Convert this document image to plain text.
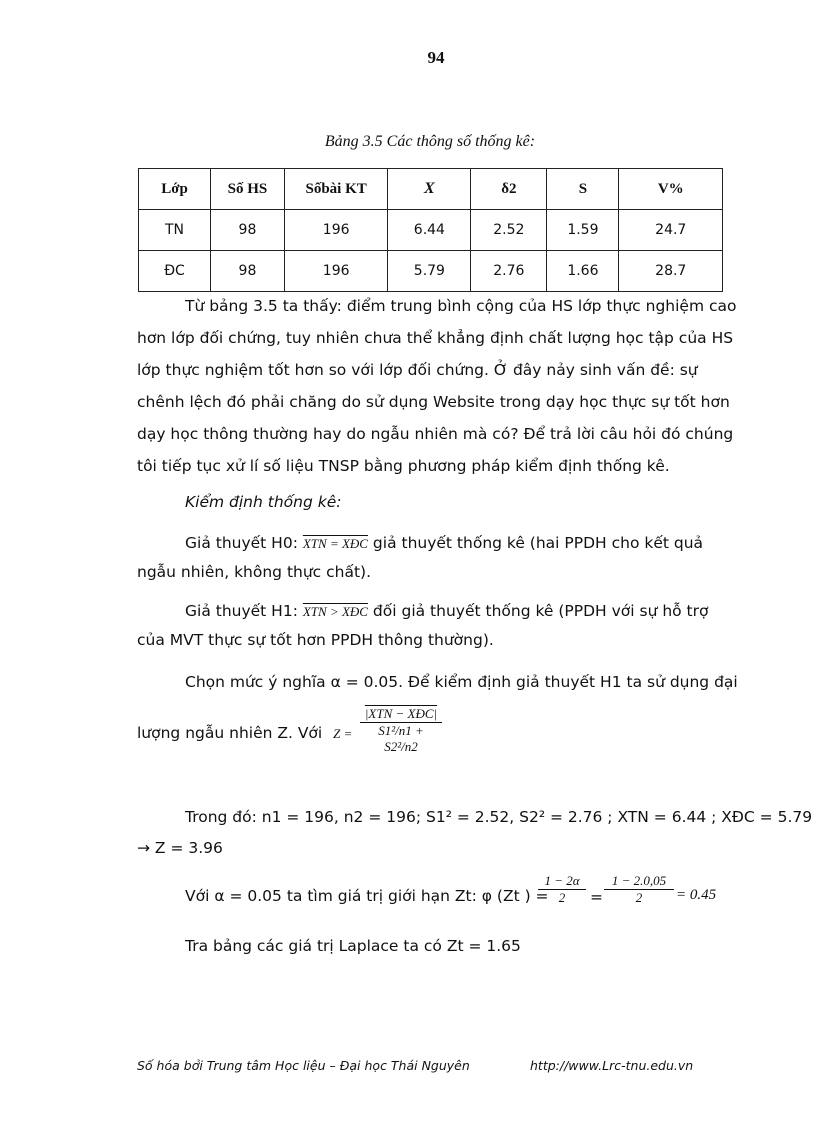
94
Bảng 3.5 Các thông số thống kê:
Lớp	Số HS	Sốbài KT	X	δ2	S	V%
TN	98	196	6.44	2.52	1.59	24.7
ĐC	98	196	5.79	2.76	1.66	28.7
Từ bảng 3.5 ta thấy: điểm trung bình cộng của HS lớp thực nghiệm cao
hơn lớp đối chứng, tuy nhiên chưa thể khẳng định chất lượng học tập của HS
lớp thực nghiệm tốt hơn so với lớp đối chứng. Ở đây nảy sinh vấn đề: sự
chênh lệch đó phải chăng do sử dụng Website trong dạy học thực sự tốt hơn
dạy học thông thường hay do ngẫu nhiên mà có? Để trả lời câu hỏi đó chúng
tôi tiếp tục xử lí số liệu TNSP bằng phương pháp kiểm định thống kê.
Kiểm định thống kê:
Giả thuyết H0: XTN = XĐC giả thuyết thống kê (hai PPDH cho kết quả
ngẫu nhiên, không thực chất).
Giả thuyết H1: XTN > XĐC đối giả thuyết thống kê (PPDH với sự hỗ trợ
của MVT thực sự tốt hơn PPDH thông thường).
Chọn mức ý nghĩa α = 0.05. Để kiểm định giả thuyết H1 ta sử dụng đại
lượng ngẫu nhiên Z. Với Z =
|XTN − XĐC|
S1²/n1 + S2²/n2
Trong đó: n1 = 196, n2 = 196; S1² = 2.52, S2² = 2.76 ; XTN = 6.44 ; XĐC = 5.79
→ Z = 3.96
Với α = 0.05 ta tìm giá trị giới hạn Zt: φ (Zt ) =
$\frac{1 - 2\alpha}{2} = \frac{1 - 2.0,05}{2} = 0.45$
Tra bảng các giá trị Laplace ta có Zt = 1.65
Số hóa bởi Trung tâm Học liệu – Đại học Thái Nguyên	http://www.Lrc-tnu.edu.vn
